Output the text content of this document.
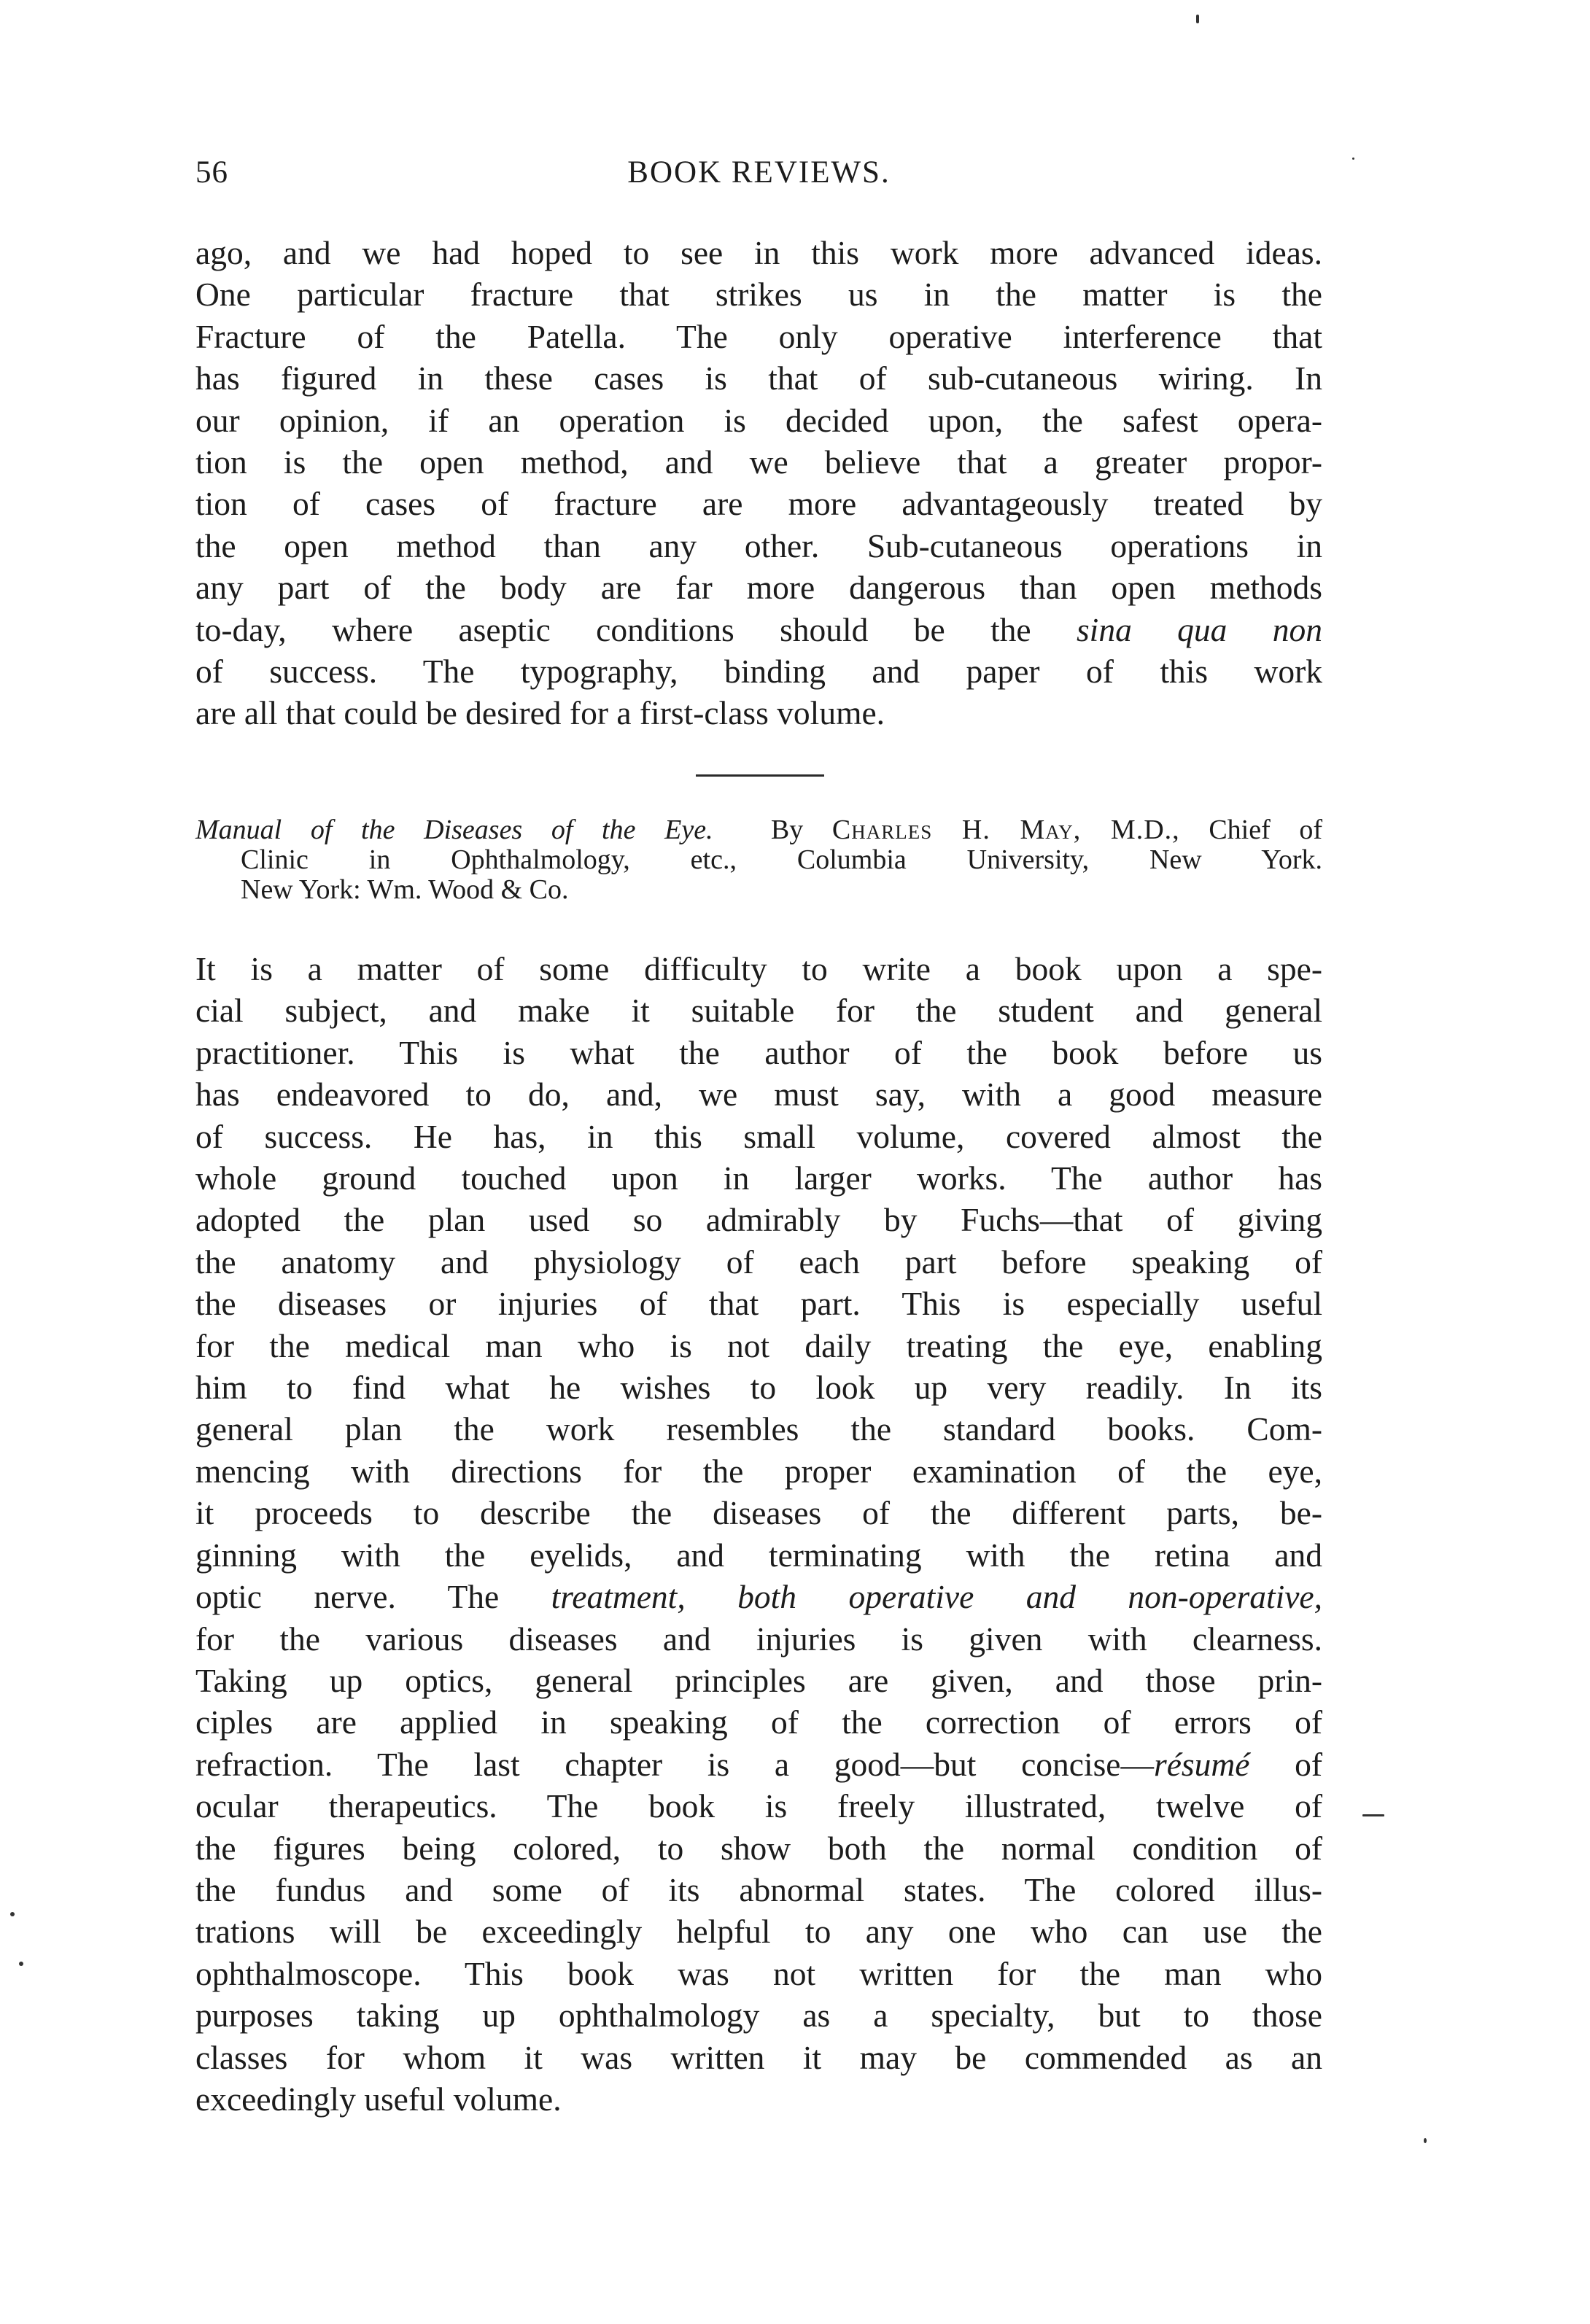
56	BOOK REVIEWS.
ago, and we had hoped to see in this work more advanced ideas.
One particular fracture that strikes us in the matter is the
Fracture of the Patella. The only operative interference that
has figured in these cases is that of sub-cutaneous wiring. In
our opinion, if an operation is decided upon, the safest opera-
tion is the open method, and we believe that a greater propor-
tion of cases of fracture are more advantageously treated by
the open method than any other. Sub-cutaneous operations in
any part of the body are far more dangerous than open methods
to-day, where aseptic conditions should be the sina qua non
of success. The typography, binding and paper of this work
are all that could be desired for a first-class volume.
Manual of the Diseases of the Eye. By Charles H. May, M.D., Chief of
Clinic in Ophthalmology, etc., Columbia University, New York.
New York: Wm. Wood & Co.
It is a matter of some difficulty to write a book upon a spe-
cial subject, and make it suitable for the student and general
practitioner. This is what the author of the book before us
has endeavored to do, and, we must say, with a good measure
of success. He has, in this small volume, covered almost the
whole ground touched upon in larger works. The author has
adopted the plan used so admirably by Fuchs—that of giving
the anatomy and physiology of each part before speaking of
the diseases or injuries of that part. This is especially useful
for the medical man who is not daily treating the eye, enabling
him to find what he wishes to look up very readily. In its
general plan the work resembles the standard books. Com-
mencing with directions for the proper examination of the eye,
it proceeds to describe the diseases of the different parts, be-
ginning with the eyelids, and terminating with the retina and
optic nerve. The treatment, both operative and non-operative,
for the various diseases and injuries is given with clearness.
Taking up optics, general principles are given, and those prin-
ciples are applied in speaking of the correction of errors of
refraction. The last chapter is a good—but concise—résumé of
ocular therapeutics. The book is freely illustrated, twelve of
the figures being colored, to show both the normal condition of
the fundus and some of its abnormal states. The colored illus-
trations will be exceedingly helpful to any one who can use the
ophthalmoscope. This book was not written for the man who
purposes taking up ophthalmology as a specialty, but to those
classes for whom it was written it may be commended as an
exceedingly useful volume.
